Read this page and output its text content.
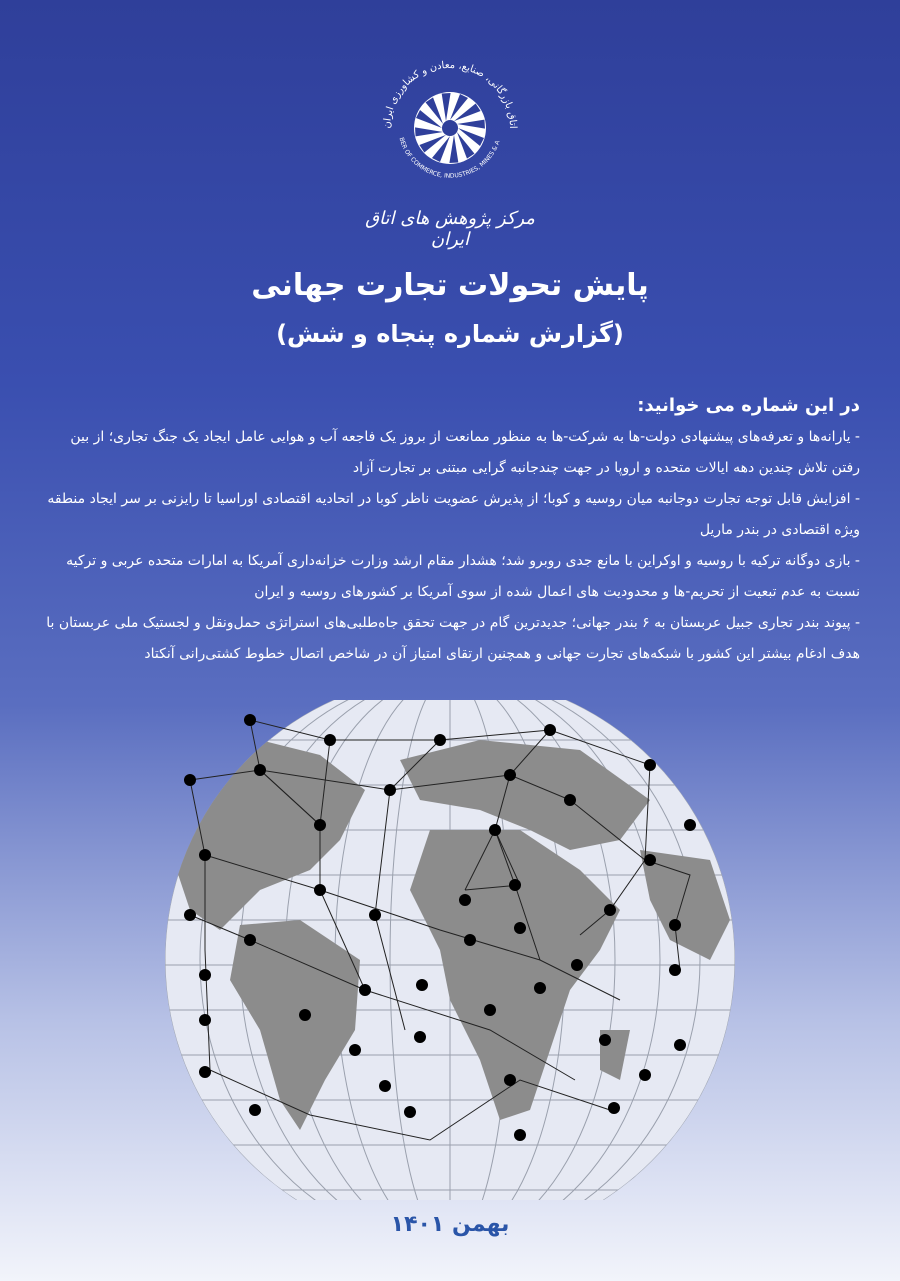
اتاق بازرگانی، صنایع، معادن و کشاورزی ایران
BER OF COMMERCE, INDUSTRIES, MINES & A
مرکز پژوهش های اتاق ایران
پایش تحولات تجارت جهانی
(گزارش شماره پنجاه و شش)
در این شماره می خوانید:
- یارانه‌ها و تعرفه‌های پیشنهادی دولت-ها به شرکت-ها به منظور ممانعت از بروز یک فاجعه آب و هوایی عامل ایجاد یک جنگ تجاری؛ از بین رفتن تلاش چندین دهه ایالات متحده و اروپا در جهت چندجانبه گرایی مبتنی بر تجارت آزاد
- افزایش قابل توجه تجارت دوجانبه میان روسیه و کوبا؛ از پذیرش عضویت ناظر کوبا در اتحادیه اقتصادی اوراسیا تا رایزنی بر سر ایجاد منطقه ویژه اقتصادی در بندر ماریل
- بازی دوگانه ترکیه با روسیه و اوکراین با مانع جدی روبرو شد؛ هشدار مقام ارشد وزارت خزانه‌داری آمریکا به امارات متحده عربی و ترکیه نسبت به عدم تبعیت از تحریم-ها و محدودیت های اعمال شده از سوی آمریکا بر کشورهای روسیه و ایران
- پیوند بندر تجاری جبیل عربستان به ۶ بندر جهانی؛ جدیدترین گام در جهت تحقق جاه‌طلبی‌های استراتژی حمل‌ونقل و لجستیک ملی عربستان با هدف ادغام بیشتر این کشور با شبکه‌های تجارت جهانی و همچنین ارتقای امتیاز آن در شاخص اتصال خطوط کشتی‌رانی آنکتاد
بهمن ۱۴۰۱
